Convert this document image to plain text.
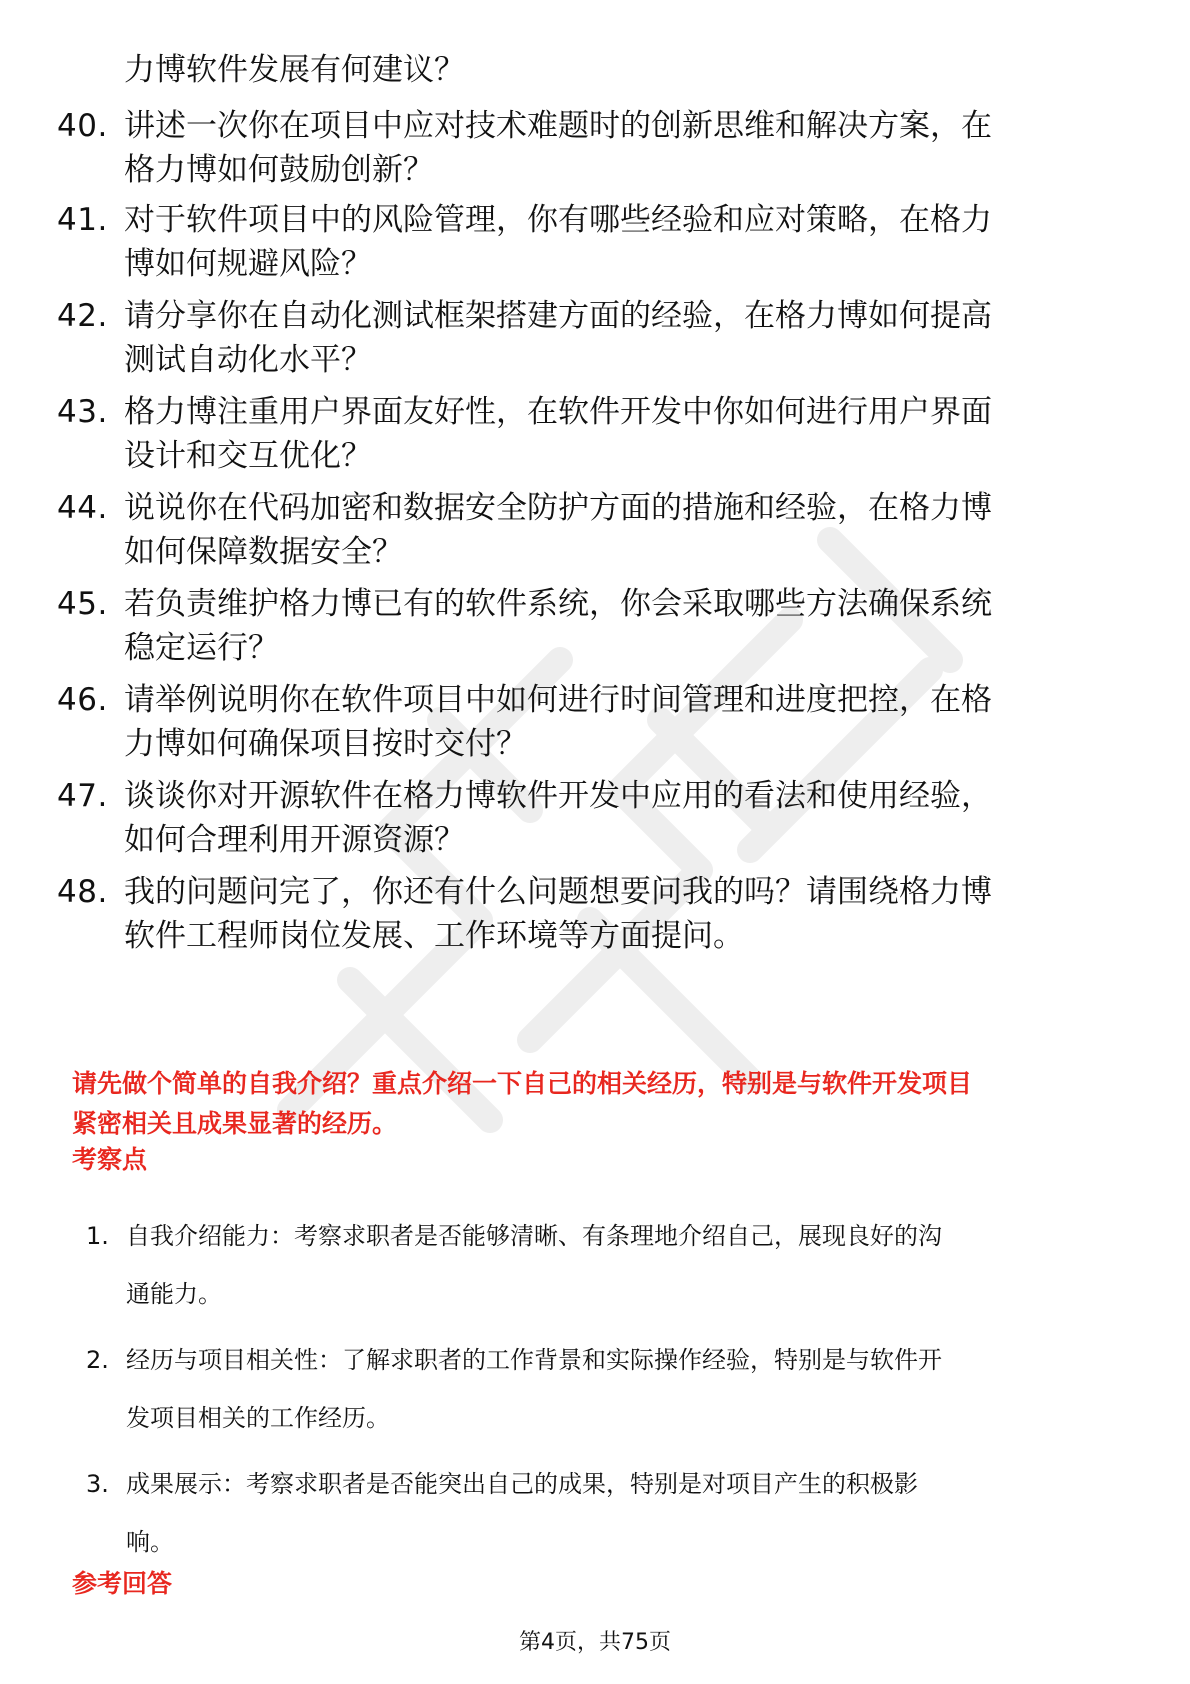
力博软件发展有何建议？
40. 讲述一次你在项目中应对技术难题时的创新思维和解决方案，在
格力博如何鼓励创新？
41. 对于软件项目中的风险管理，你有哪些经验和应对策略，在格力
博如何规避风险？
42. 请分享你在自动化测试框架搭建方面的经验，在格力博如何提高
测试自动化水平？
43. 格力博注重用户界面友好性，在软件开发中你如何进行用户界面
设计和交互优化？
44. 说说你在代码加密和数据安全防护方面的措施和经验，在格力博
如何保障数据安全？
45. 若负责维护格力博已有的软件系统，你会采取哪些方法确保系统
稳定运行？
46. 请举例说明你在软件项目中如何进行时间管理和进度把控，在格
力博如何确保项目按时交付？
47. 谈谈你对开源软件在格力博软件开发中应用的看法和使用经验，
如何合理利用开源资源？
48. 我的问题问完了，你还有什么问题想要问我的吗？请围绕格力博
软件工程师岗位发展、工作环境等方面提问。
请先做个简单的自我介绍？重点介绍一下自己的相关经历，特别是与软件开发项目
紧密相关且成果显著的经历。
考察点
1. 自我介绍能力：考察求职者是否能够清晰、有条理地介绍自己，展现良好的沟
通能力。
2. 经历与项目相关性：了解求职者的工作背景和实际操作经验，特别是与软件开
发项目相关的工作经历。
3. 成果展示：考察求职者是否能突出自己的成果，特别是对项目产生的积极影
响。
参考回答
第4页，共75页
